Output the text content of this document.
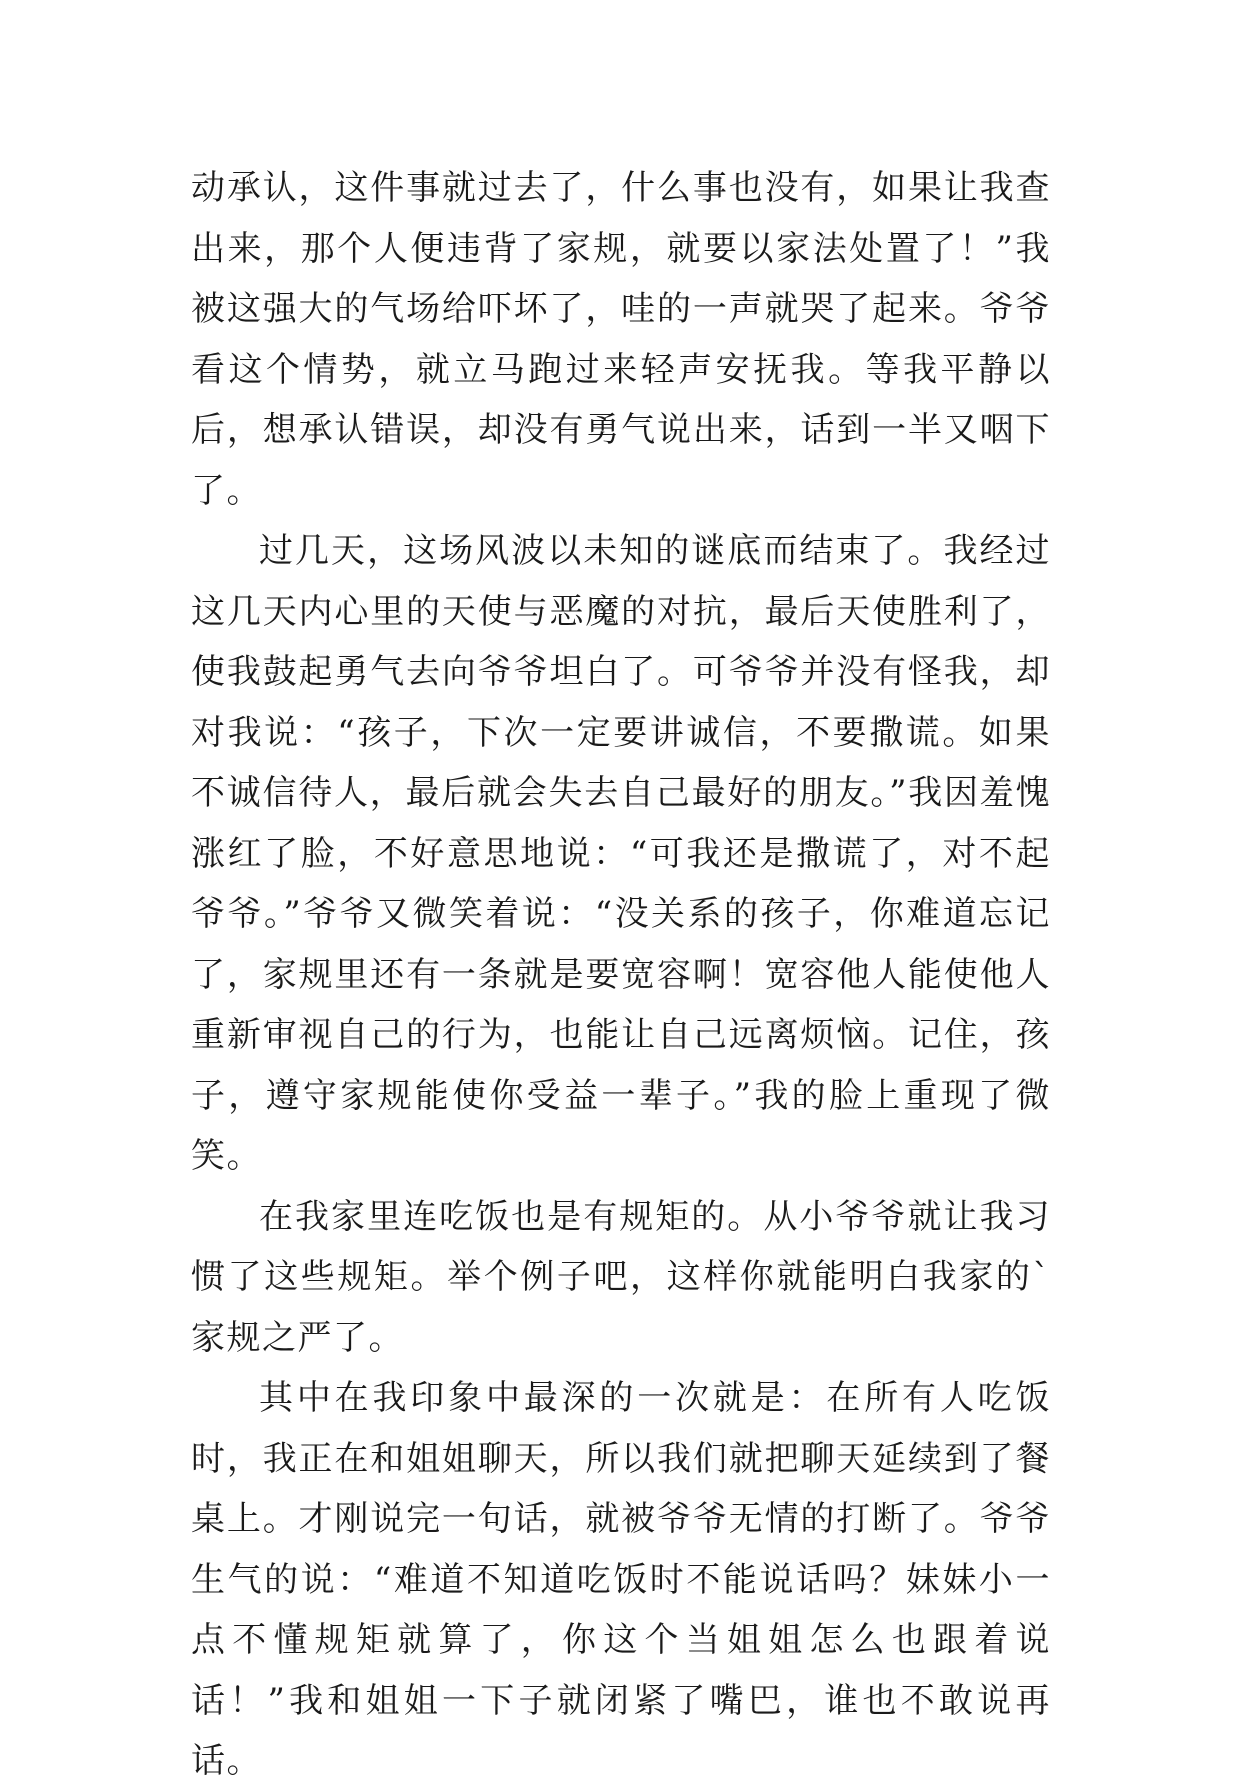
动承认，这件事就过去了，什么事也没有，如果让我查出来，那个人便违背了家规，就要以家法处置了！”我被这强大的气场给吓坏了，哇的一声就哭了起来。爷爷看这个情势，就立马跑过来轻声安抚我。等我平静以后，想承认错误，却没有勇气说出来，话到一半又咽下了。

过几天，这场风波以未知的谜底而结束了。我经过这几天内心里的天使与恶魔的对抗，最后天使胜利了，使我鼓起勇气去向爷爷坦白了。可爷爷并没有怪我，却对我说：“孩子，下次一定要讲诚信，不要撒谎。如果不诚信待人，最后就会失去自己最好的朋友。”我因羞愧涨红了脸，不好意思地说：“可我还是撒谎了，对不起爷爷。”爷爷又微笑着说：“没关系的孩子，你难道忘记了，家规里还有一条就是要宽容啊！宽容他人能使他人重新审视自己的行为，也能让自己远离烦恼。记住，孩子，遵守家规能使你受益一辈子。”我的脸上重现了微笑。

在我家里连吃饭也是有规矩的。从小爷爷就让我习惯了这些规矩。举个例子吧，这样你就能明白我家的`家规之严了。

其中在我印象中最深的一次就是：在所有人吃饭时，我正在和姐姐聊天，所以我们就把聊天延续到了餐桌上。才刚说完一句话，就被爷爷无情的打断了。爷爷生气的说：“难道不知道吃饭时不能说话吗？妹妹小一点不懂规矩就算了，你这个当姐姐怎么也跟着说话！”我和姐姐一下子就闭紧了嘴巴，谁也不敢说再话。
